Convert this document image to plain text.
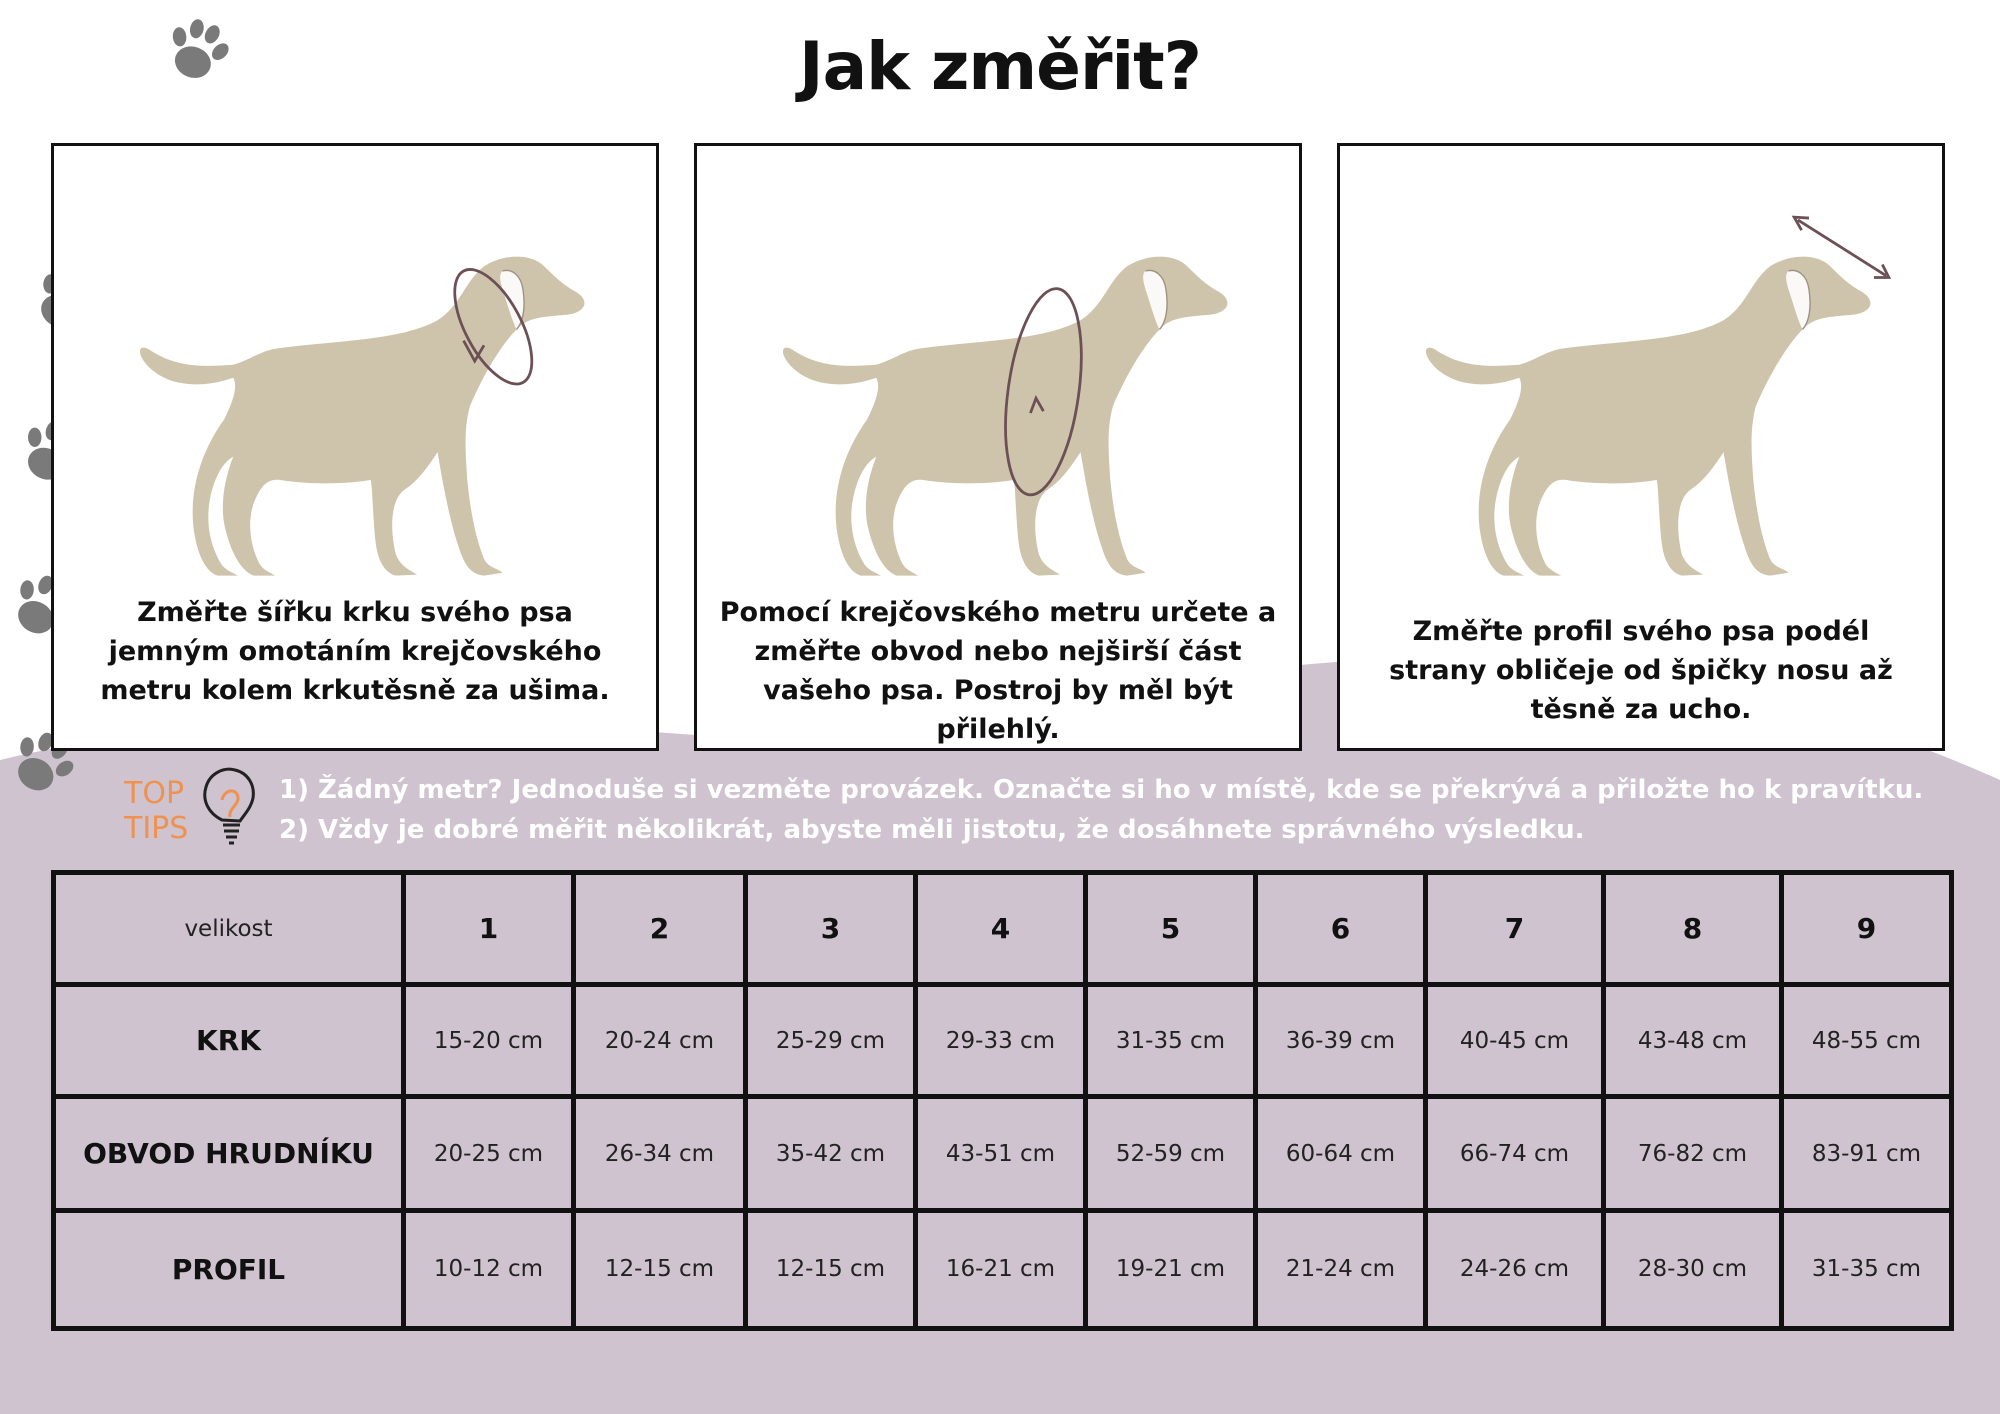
Jak změřit?
Změřte šířku krku svého psa jemným omotáním krejčovského metru kolem krkutěsně za ušima.
Pomocí krejčovského metru určete a změřte obvod nebo nejširší část vašeho psa. Postroj by měl být přilehlý.
Změřte profil svého psa podél strany obličeje od špičky nosu až těsně za ucho.
TOP
TIPS
1) Žádný metr? Jednoduše si vezměte provázek. Označte si ho v místě, kde se překrývá a přiložte ho k pravítku.
2) Vždy je dobré měřit několikrát, abyste měli jistotu, že dosáhnete správného výsledku.
velikost	1	2	3	4	5	6	7	8	9
KRK	15-20 cm	20-24 cm	25-29 cm	29-33 cm	31-35 cm	36-39 cm	40-45 cm	43-48 cm	48-55 cm
OBVOD HRUDNÍKU	20-25 cm	26-34 cm	35-42 cm	43-51 cm	52-59 cm	60-64 cm	66-74 cm	76-82 cm	83-91 cm
PROFIL	10-12 cm	12-15 cm	12-15 cm	16-21 cm	19-21 cm	21-24 cm	24-26 cm	28-30 cm	31-35 cm
